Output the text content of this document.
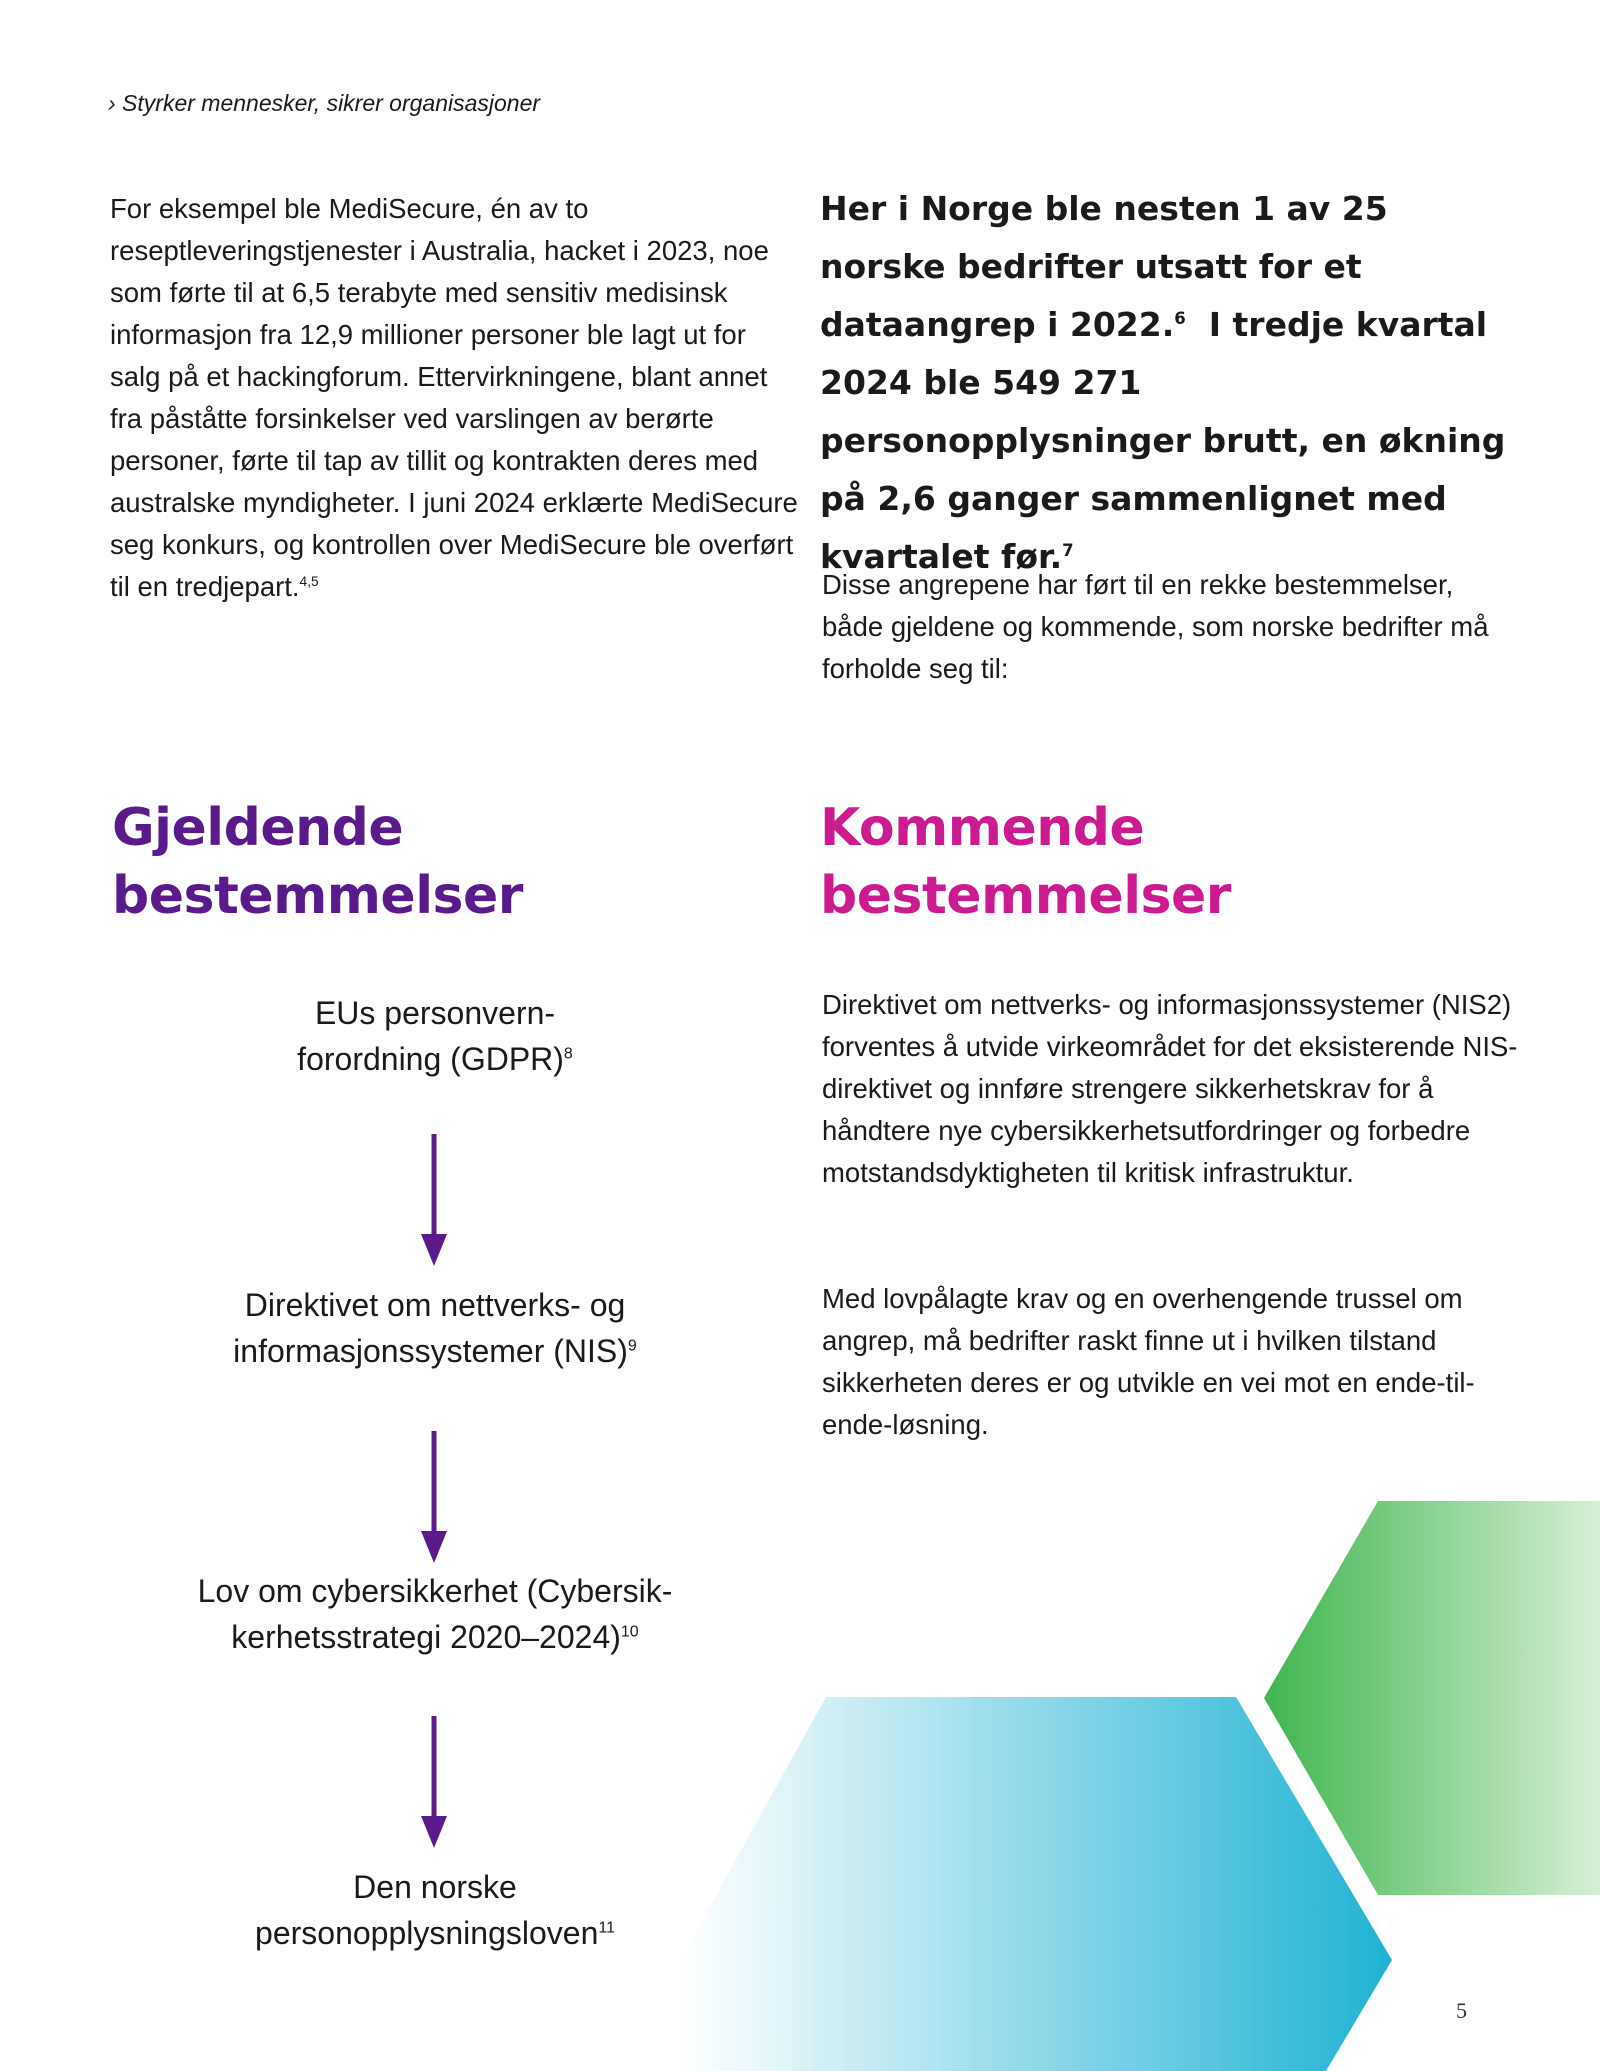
› Styrker mennesker, sikrer organisasjoner

For eksempel ble MediSecure, én av to reseptleveringstjenester i Australia, hacket i 2023, noe som førte til at 6,5 terabyte med sensitiv medisinsk informasjon fra 12,9 millioner personer ble lagt ut for salg på et hackingforum. Ettervirkningene, blant annet fra påståtte forsinkelser ved varslingen av berørte personer, førte til tap av tillit og kontrakten deres med australske myndigheter. I juni 2024 erklærte MediSecure seg konkurs, og kontrollen over MediSecure ble overført til en tredjepart.$^{4,5}$

Her i Norge ble nesten 1 av 25 norske bedrifter utsatt for et dataangrep i 2022.$^6$ I tredje kvartal 2024 ble 549 271 personopplysninger brutt, en økning på 2,6 ganger sammenlignet med kvartalet før.$^7$

Disse angrepene har ført til en rekke bestemmelser, både gjeldene og kommende, som norske bedrifter må forholde seg til:

Gjeldende
bestemmelser
Kommende
bestemmelser

EUs personvern-
forordning (GDPR)$^8$

Direktivet om nettverks- og
informasjonssystemer (NIS)$^9$

Lov om cybersikkerhet (Cybersik-
kerhetsstrategi 2020–2024)$^{10}$

Den norske
personopplysningsloven$^{11}$

Direktivet om nettverks- og informasjonssystemer (NIS2) forventes å utvide virkeområdet for det eksisterende NIS-direktivet og innføre strengere sikkerhetskrav for å håndtere nye cybersikkerhetsutfordringer og forbedre motstandsdyktigheten til kritisk infrastruktur.

Med lovpålagte krav og en overhengende trussel om angrep, må bedrifter raskt finne ut i hvilken tilstand sikkerheten deres er og utvikle en vei mot en ende-til-ende-løsning.

5
